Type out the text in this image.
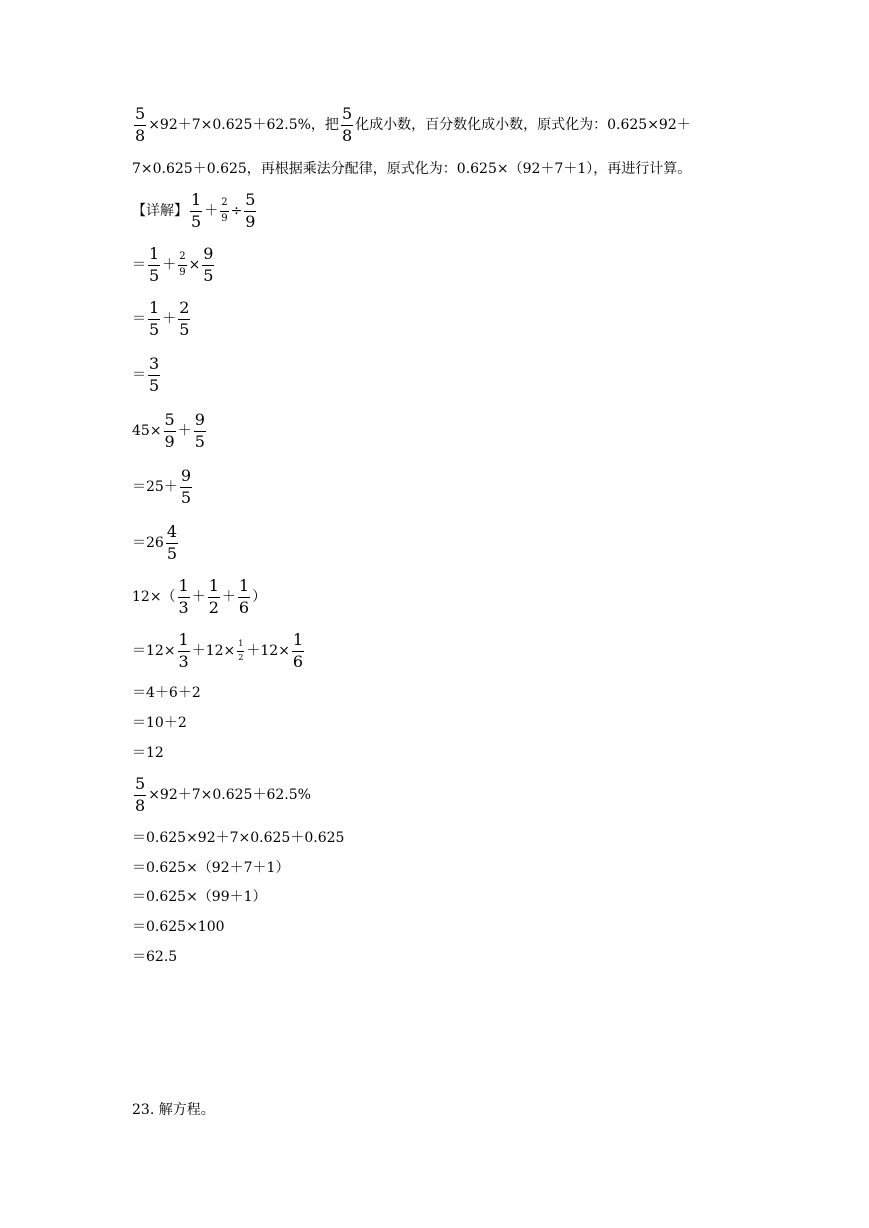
$\frac{5}{8} \times 92+7\times 0.625+62.5\%$，把 $\frac{5}{8}$ 化成小数，百分数化成小数，原式化为：0.625×92＋
7×0.625＋0.625，再根据乘法分配律，原式化为：0.625×（92＋7＋1），再进行计算。
【详解】 $\frac{1}{5} + \frac{2}{9} \div \frac{5}{9}$
＝ $\frac{1}{5} + \frac{2}{9} \times \frac{9}{5}$
＝ $\frac{1}{5} + \frac{2}{5}$
＝ $\frac{3}{5}$
$45\times \frac{5}{9} + \frac{9}{5}$
$=25+ \frac{9}{5}$
$=26 \frac{4}{5}$
$12\times( \frac{1}{3} + \frac{1}{2} + \frac{1}{6}$ ）
$=12\times \frac{1}{3} +12\times \frac{1}{2} +12\times \frac{1}{6}$
＝4＋6＋2
＝10＋2
＝12
$\frac{5}{8} \times 92+7\times 0.625+62.5\%$
＝0.625×92＋7×0.625＋0.625
＝0.625×（92＋7＋1）
＝0.625×（99＋1）
＝0.625×100
＝62.5
23. 解方程。
